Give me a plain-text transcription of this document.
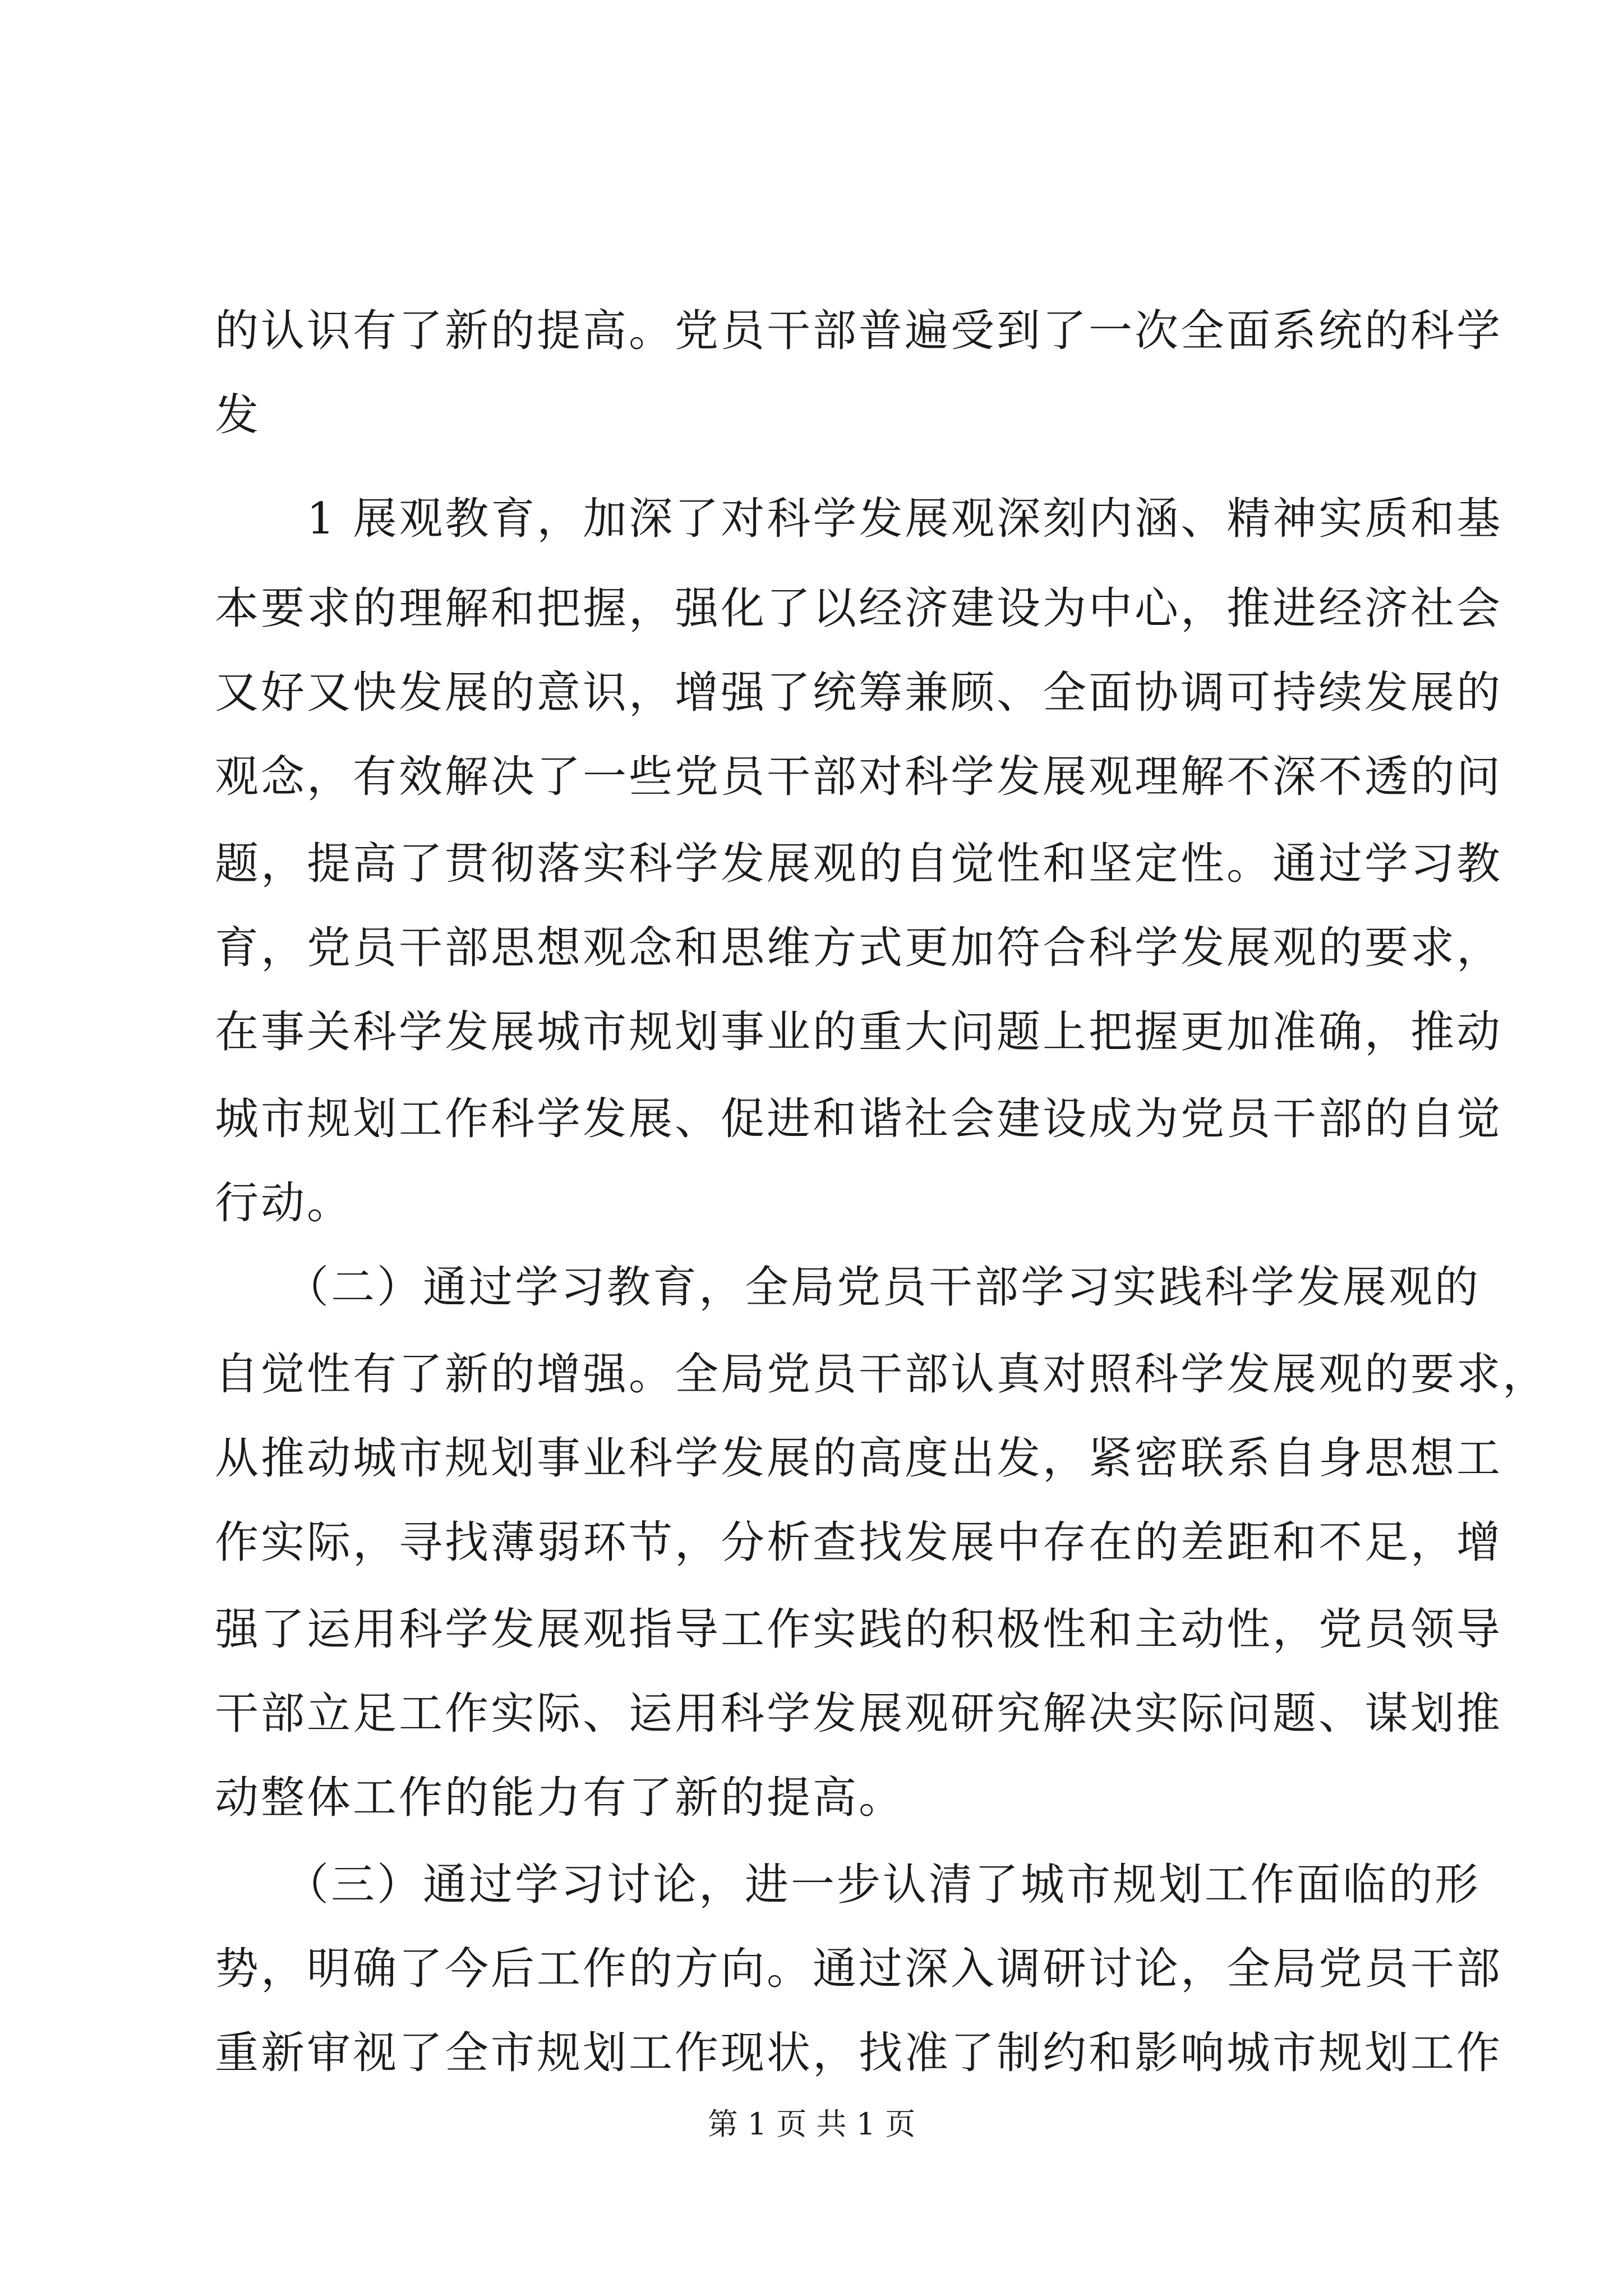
的认识有了新的提高。党员干部普遍受到了一次全面系统的科学
发
　　1 展观教育，加深了对科学发展观深刻内涵、精神实质和基
本要求的理解和把握，强化了以经济建设为中心，推进经济社会
又好又快发展的意识，增强了统筹兼顾、全面协调可持续发展的
观念，有效解决了一些党员干部对科学发展观理解不深不透的问
题，提高了贯彻落实科学发展观的自觉性和坚定性。通过学习教
育，党员干部思想观念和思维方式更加符合科学发展观的要求，
在事关科学发展城市规划事业的重大问题上把握更加准确，推动
城市规划工作科学发展、促进和谐社会建设成为党员干部的自觉
行动。
　　（二）通过学习教育，全局党员干部学习实践科学发展观的
自觉性有了新的增强。全局党员干部认真对照科学发展观的要求，
从推动城市规划事业科学发展的高度出发，紧密联系自身思想工
作实际，寻找薄弱环节，分析查找发展中存在的差距和不足，增
强了运用科学发展观指导工作实践的积极性和主动性，党员领导
干部立足工作实际、运用科学发展观研究解决实际问题、谋划推
动整体工作的能力有了新的提高。
　　（三）通过学习讨论，进一步认清了城市规划工作面临的形
势，明确了今后工作的方向。通过深入调研讨论，全局党员干部
重新审视了全市规划工作现状，找准了制约和影响城市规划工作
第 1 页 共 1 页
